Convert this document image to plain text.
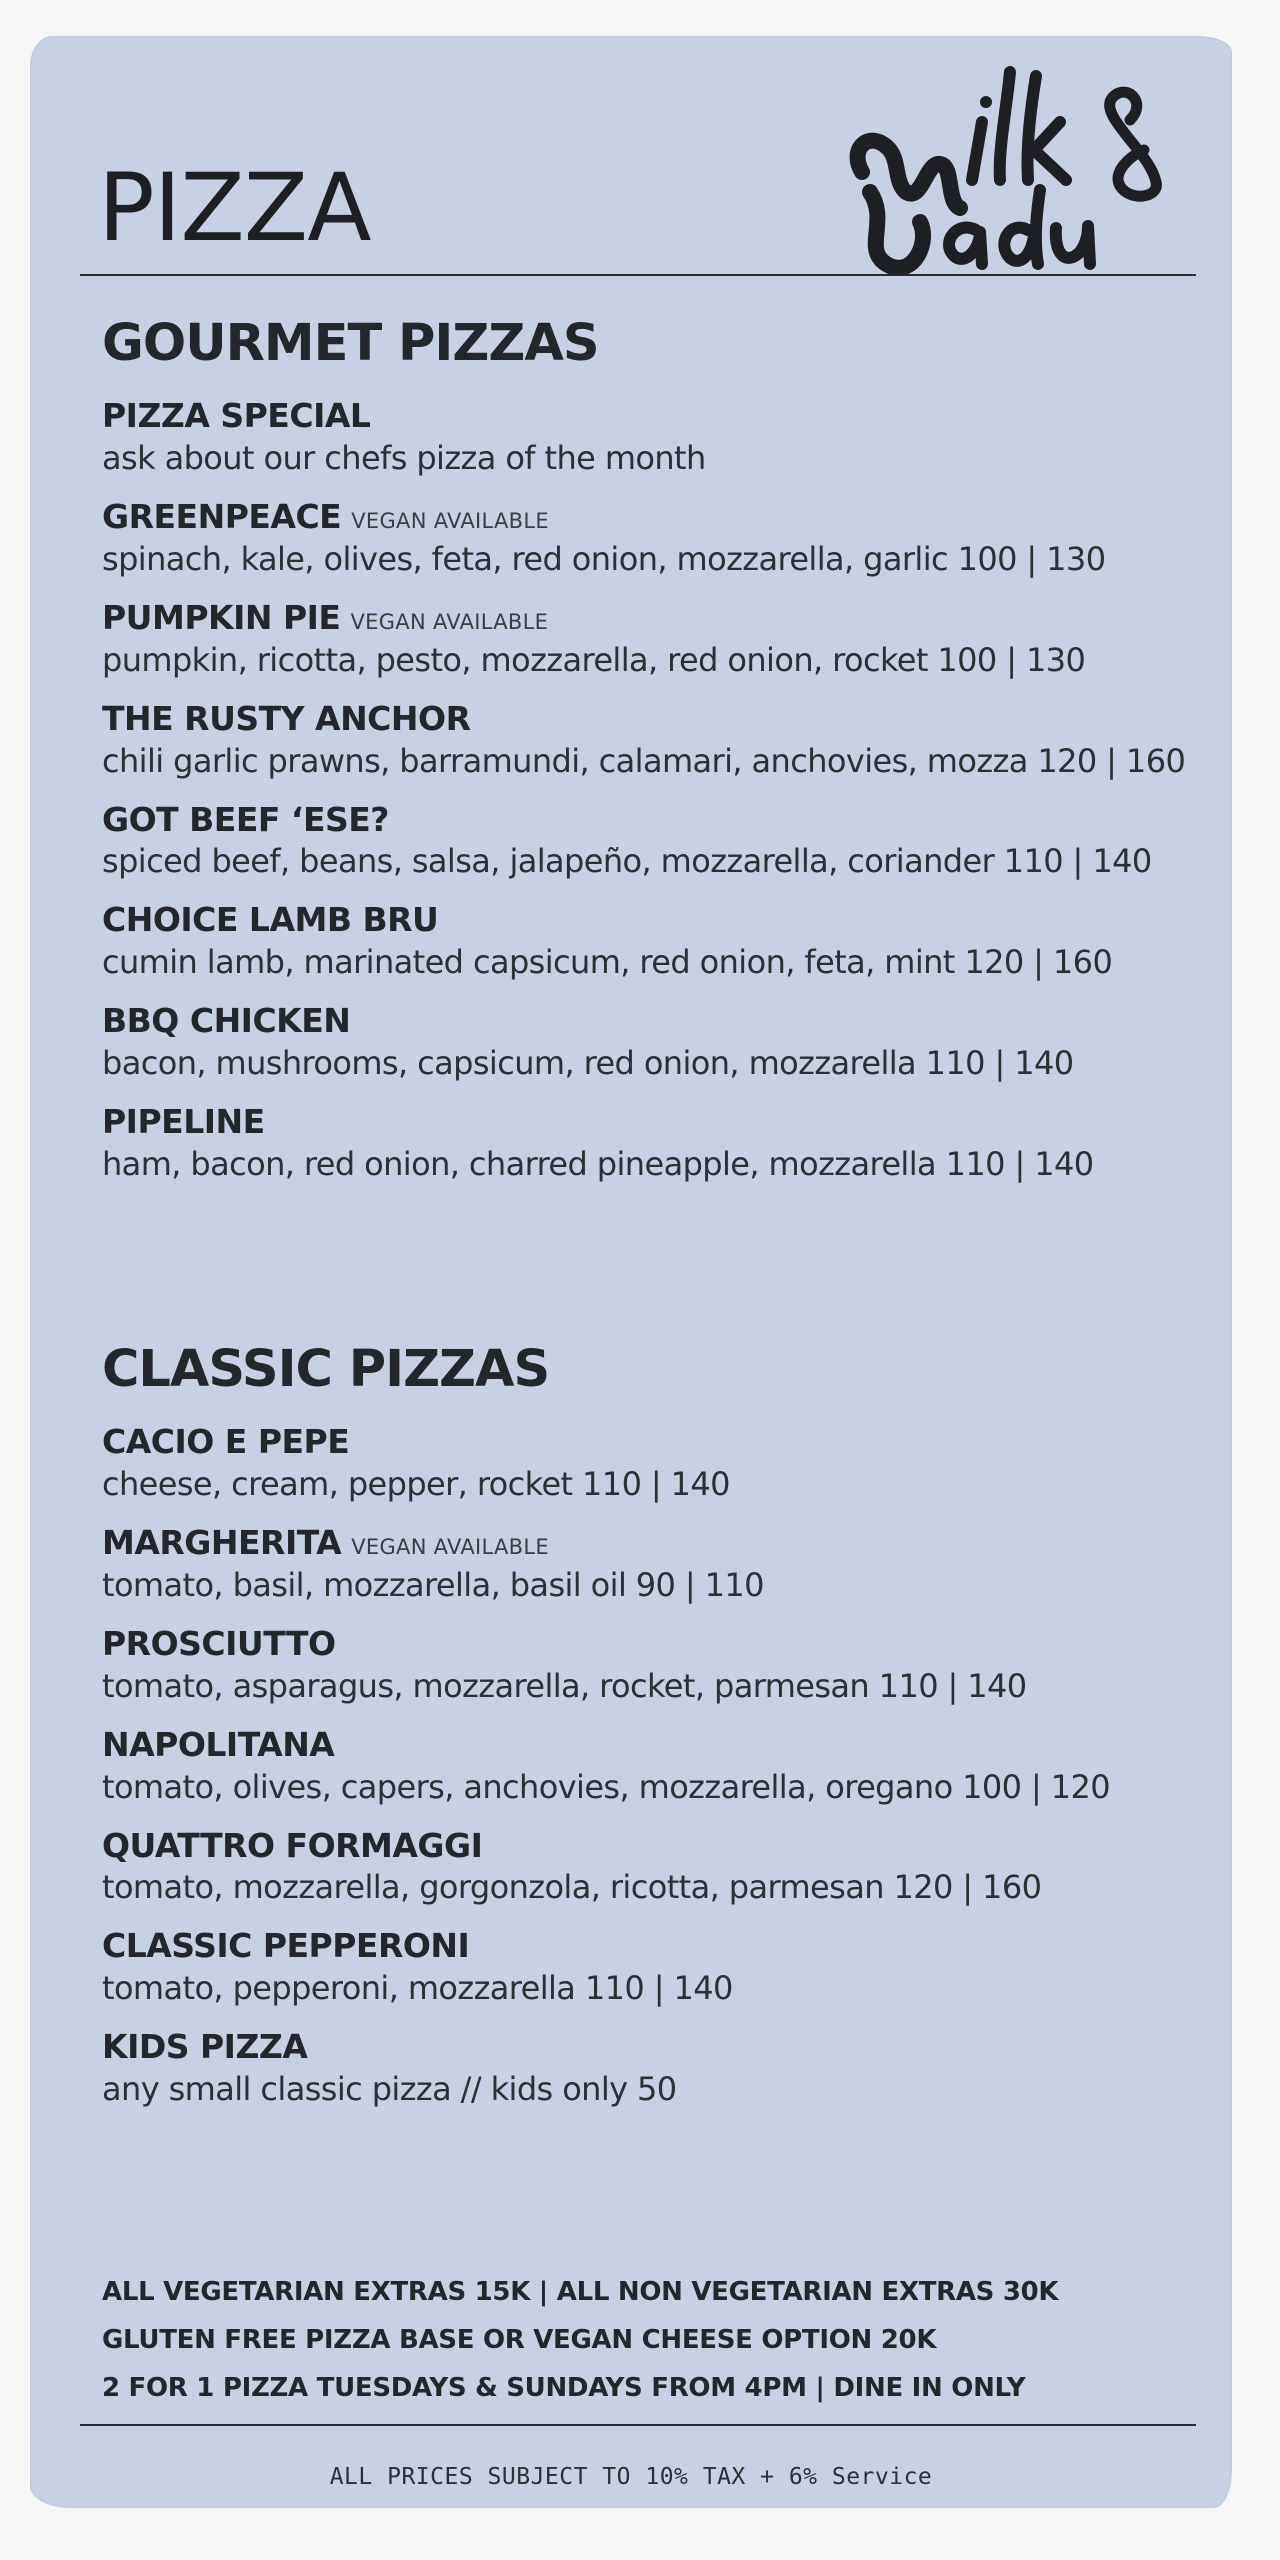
PIZZA
GOURMET PIZZAS
PIZZA SPECIAL
ask about our chefs pizza of the month
GREENPEACE VEGAN AVAILABLE
spinach, kale, olives, feta, red onion, mozzarella, garlic 100 | 130
PUMPKIN PIE VEGAN AVAILABLE
pumpkin, ricotta, pesto, mozzarella, red onion, rocket 100 | 130
THE RUSTY ANCHOR
chili garlic prawns, barramundi, calamari, anchovies, mozza 120 | 160
GOT BEEF ‘ESE?
spiced beef, beans, salsa, jalapeño, mozzarella, coriander 110 | 140
CHOICE LAMB BRU
cumin lamb, marinated capsicum, red onion, feta, mint 120 | 160
BBQ CHICKEN
bacon, mushrooms, capsicum, red onion, mozzarella 110 | 140
PIPELINE
ham, bacon, red onion, charred pineapple, mozzarella 110 | 140
CLASSIC PIZZAS
CACIO E PEPE
cheese, cream, pepper, rocket 110 | 140
MARGHERITA VEGAN AVAILABLE
tomato, basil, mozzarella, basil oil 90 | 110
PROSCIUTTO
tomato, asparagus, mozzarella, rocket, parmesan 110 | 140
NAPOLITANA
tomato, olives, capers, anchovies, mozzarella, oregano 100 | 120
QUATTRO FORMAGGI
tomato, mozzarella, gorgonzola, ricotta, parmesan 120 | 160
CLASSIC PEPPERONI
tomato, pepperoni, mozzarella 110 | 140
KIDS PIZZA
any small classic pizza // kids only 50
ALL VEGETARIAN EXTRAS 15K | ALL NON VEGETARIAN EXTRAS 30K
GLUTEN FREE PIZZA BASE OR VEGAN CHEESE OPTION 20K
2 FOR 1 PIZZA TUESDAYS & SUNDAYS FROM 4PM | DINE IN ONLY
ALL PRICES SUBJECT TO 10% TAX + 6% Service
